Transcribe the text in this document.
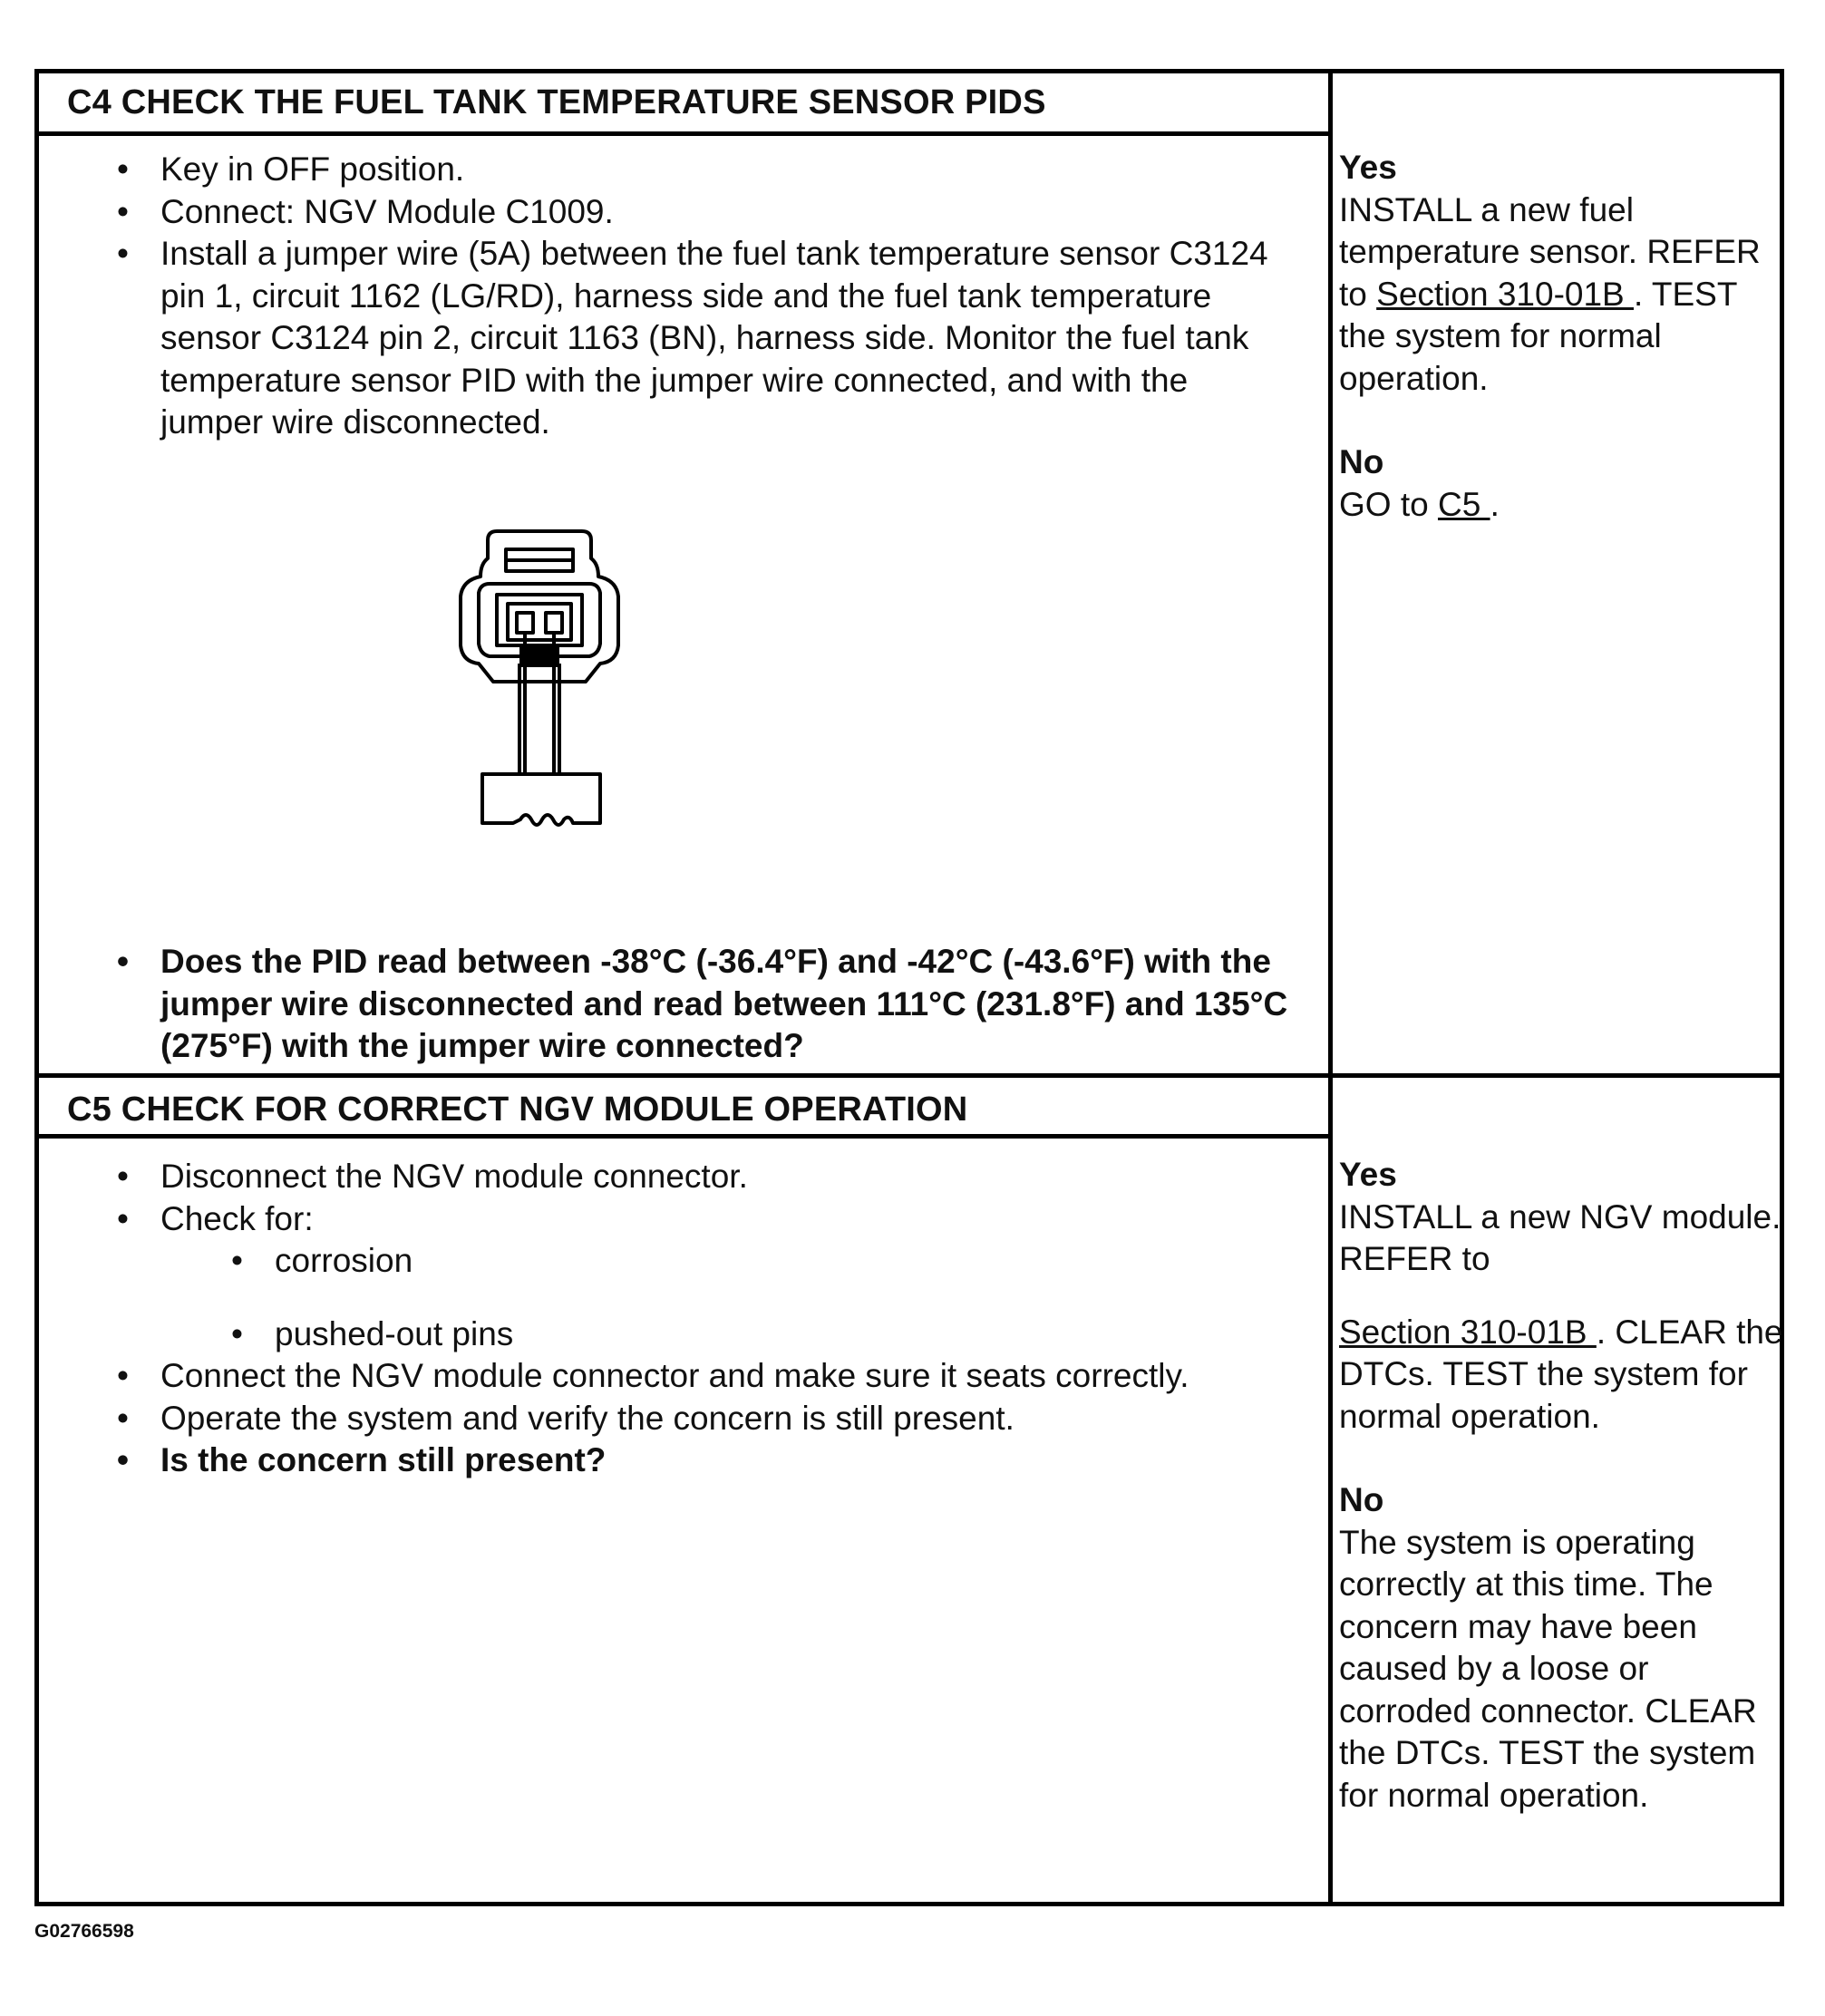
C4 CHECK THE FUEL TANK TEMPERATURE SENSOR PIDS
• Key in OFF position.
• Connect: NGV Module C1009.
• Install a jumper wire (5A) between the fuel tank temperature sensor C3124 pin 1, circuit 1162 (LG/RD), harness side and the fuel tank temperature sensor C3124 pin 2, circuit 1163 (BN), harness side. Monitor the fuel tank temperature sensor PID with the jumper wire connected, and with the jumper wire disconnected.
• Does the PID read between -38°C (-36.4°F) and -42°C (-43.6°F) with the jumper wire disconnected and read between 111°C (231.8°F) and 135°C (275°F) with the jumper wire connected?
Yes
INSTALL a new fuel temperature sensor. REFER to Section 310-01B . TEST the system for normal operation.
No
GO to C5 .
C5 CHECK FOR CORRECT NGV MODULE OPERATION
• Disconnect the NGV module connector.
• Check for:
• corrosion
• pushed-out pins
• Connect the NGV module connector and make sure it seats correctly.
• Operate the system and verify the concern is still present.
• Is the concern still present?
Yes
INSTALL a new NGV module. REFER to
Section 310-01B . CLEAR the DTCs. TEST the system for normal operation.
No
The system is operating correctly at this time. The concern may have been caused by a loose or corroded connector. CLEAR the DTCs. TEST the system for normal operation.
G02766598
